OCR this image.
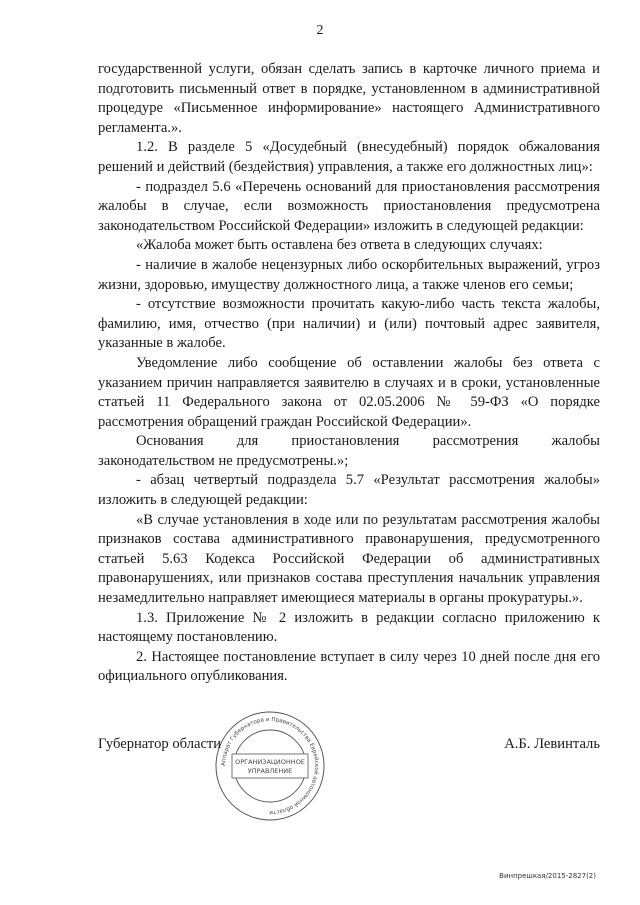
2

государственной услуги, обязан сделать запись в карточке личного приема и подготовить письменный ответ в порядке, установленном в административной процедуре «Письменное информирование» настоящего Административного регламента.».

1.2. В разделе 5 «Досудебный (внесудебный) порядок обжалования решений и действий (бездействия) управления, а также его должностных лиц»:

- подраздел 5.6 «Перечень оснований для приостановления рассмотрения жалобы в случае, если возможность приостановления предусмотрена законодательством Российской Федерации» изложить в следующей редакции:

«Жалоба может быть оставлена без ответа в следующих случаях:

- наличие в жалобе нецензурных либо оскорбительных выражений, угроз жизни, здоровью, имуществу должностного лица, а также членов его семьи;

- отсутствие возможности прочитать какую-либо часть текста жалобы, фамилию, имя, отчество (при наличии) и (или) почтовый адрес заявителя, указанные в жалобе.

Уведомление либо сообщение об оставлении жалобы без ответа с указанием причин направляется заявителю в случаях и в сроки, установленные статьей 11 Федерального закона от 02.05.2006 № 59-ФЗ «О порядке рассмотрения обращений граждан Российской Федерации».

Основания для приостановления рассмотрения жалобы законодательством не предусмотрены.»;

- абзац четвертый подраздела 5.7 «Результат рассмотрения жалобы» изложить в следующей редакции:

«В случае установления в ходе или по результатам рассмотрения жалобы признаков состава административного правонарушения, предусмотренного статьей 5.63 Кодекса Российской Федерации об административных правонарушениях, или признаков состава преступления начальник управления незамедлительно направляет имеющиеся материалы в органы прокуратуры.».

1.3. Приложение № 2 изложить в редакции согласно приложению к настоящему постановлению.

2. Настоящее постановление вступает в силу через 10 дней после дня его официального опубликования.

Аппарат Губернатора и Правительства Еврейской автономной области
ОРГАНИЗАЦИОННОЕ
УПРАВЛЕНИЕ
Губернатор области	А.Б. Левинталь
Винпрешкая/2015-2827(2)
